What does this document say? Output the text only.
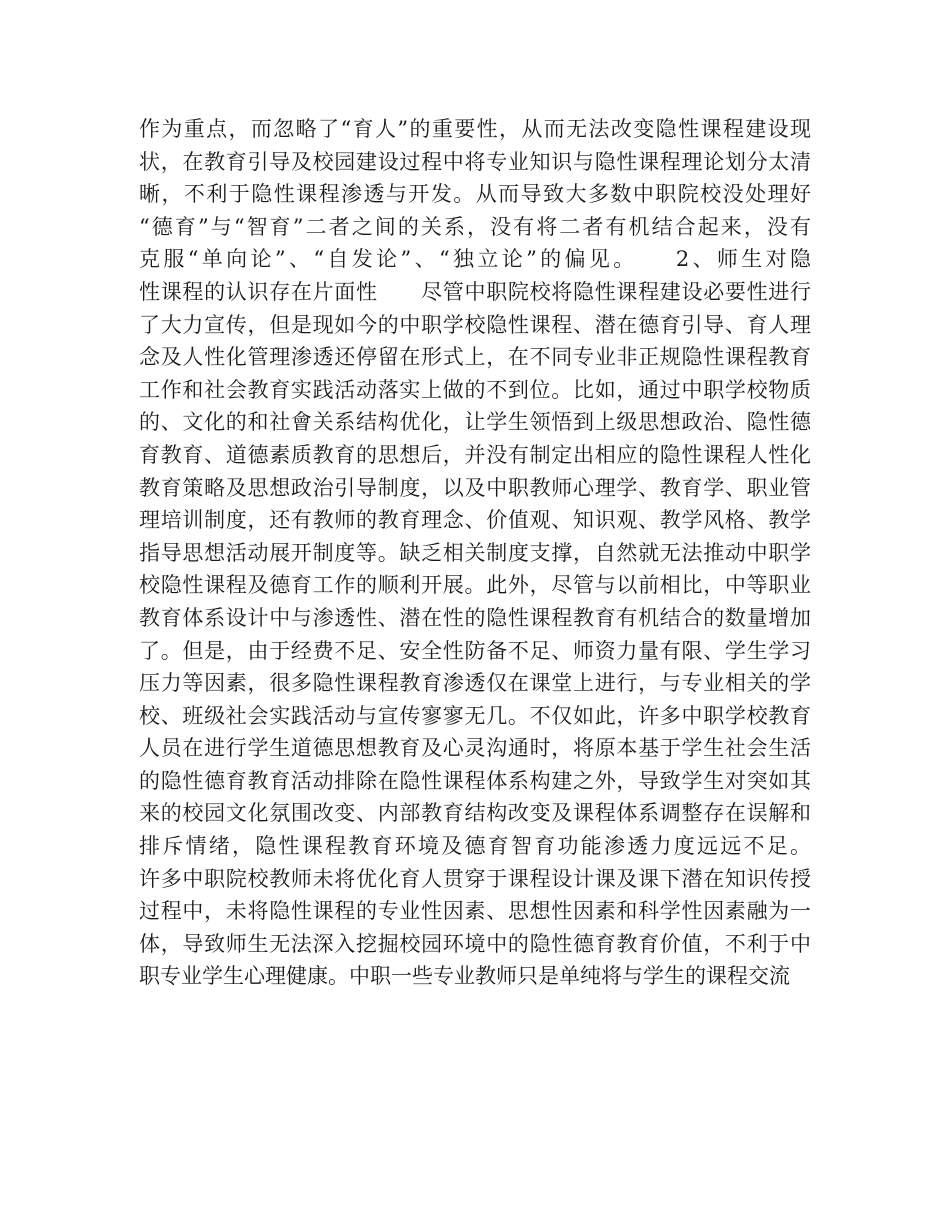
作为重点，而忽略了“育人”的重要性，从而无法改变隐性课程建设现
状，在教育引导及校园建设过程中将专业知识与隐性课程理论划分太清
晰，不利于隐性课程渗透与开发。从而导致大多数中职院校没处理好
“德育”与“智育”二者之间的关系，没有将二者有机结合起来，没有
克服“单向论”、“自发论”、“独立论”的偏见。　　2、师生对隐
性课程的认识存在片面性　　尽管中职院校将隐性课程建设必要性进行
了大力宣传，但是现如今的中职学校隐性课程、潜在德育引导、育人理
念及人性化管理渗透还停留在形式上，在不同专业非正规隐性课程教育
工作和社会教育实践活动落实上做的不到位。比如，通过中职学校物质
的、文化的和社會关系结构优化，让学生领悟到上级思想政治、隐性德
育教育、道德素质教育的思想后，并没有制定出相应的隐性课程人性化
教育策略及思想政治引导制度，以及中职教师心理学、教育学、职业管
理培训制度，还有教师的教育理念、价值观、知识观、教学风格、教学
指导思想活动展开制度等。缺乏相关制度支撑，自然就无法推动中职学
校隐性课程及德育工作的顺利开展。此外，尽管与以前相比，中等职业
教育体系设计中与渗透性、潜在性的隐性课程教育有机结合的数量增加
了。但是，由于经费不足、安全性防备不足、师资力量有限、学生学习
压力等因素，很多隐性课程教育渗透仅在课堂上进行，与专业相关的学
校、班级社会实践活动与宣传寥寥无几。不仅如此，许多中职学校教育
人员在进行学生道德思想教育及心灵沟通时，将原本基于学生社会生活
的隐性德育教育活动排除在隐性课程体系构建之外，导致学生对突如其
来的校园文化氛围改变、内部教育结构改变及课程体系调整存在误解和
排斥情绪，隐性课程教育环境及德育智育功能渗透力度远远不足。
许多中职院校教师未将优化育人贯穿于课程设计课及课下潜在知识传授
过程中，未将隐性课程的专业性因素、思想性因素和科学性因素融为一
体，导致师生无法深入挖掘校园环境中的隐性德育教育价值，不利于中
职专业学生心理健康。中职一些专业教师只是单纯将与学生的课程交流
